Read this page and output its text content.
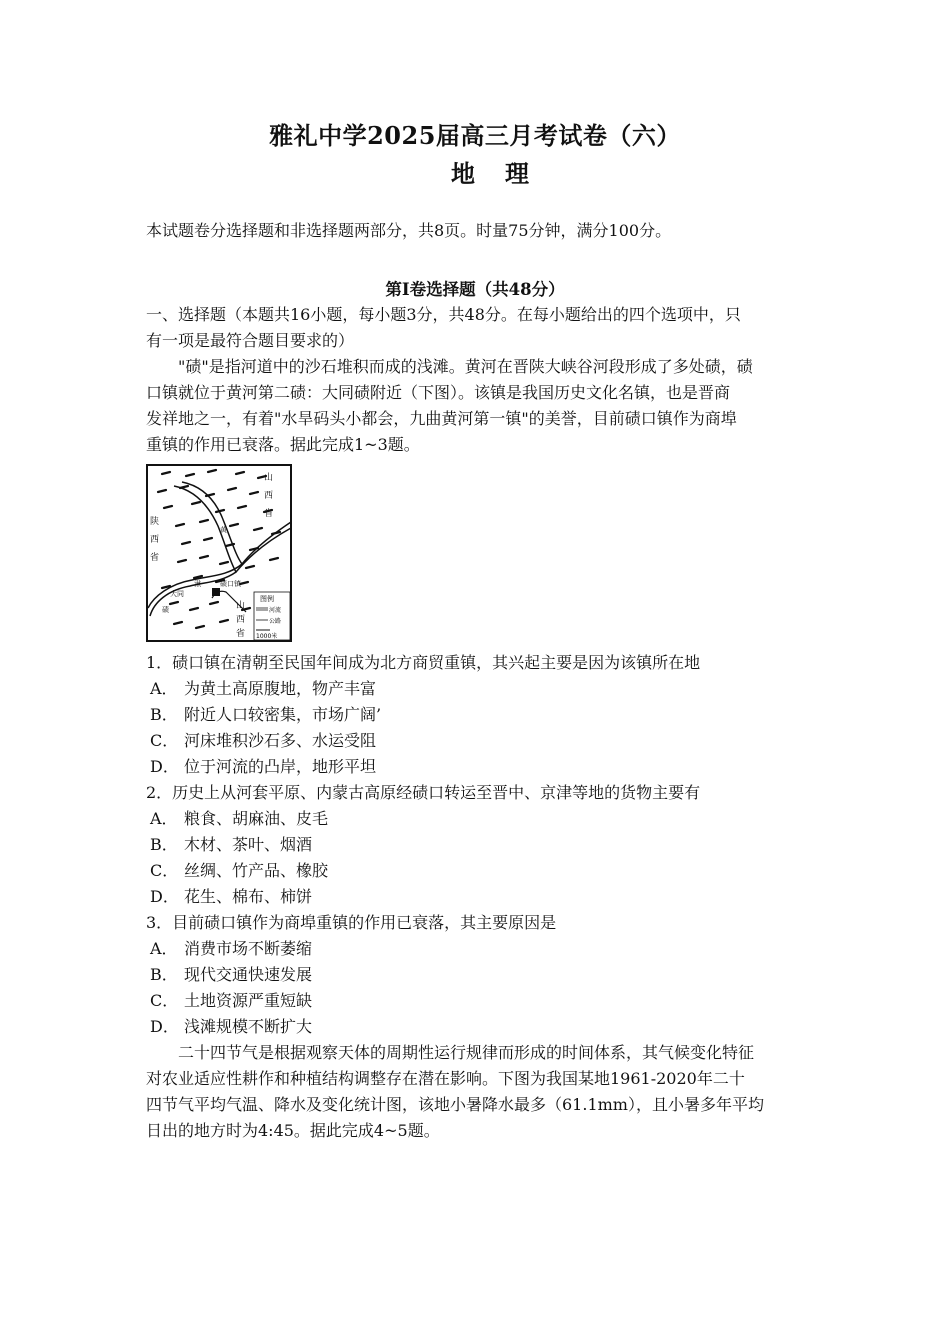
雅礼中学2025届高三月考试卷（六）
地理
本试题卷分选择题和非选择题两部分，共8页。时量75分钟，满分100分。
第I卷选择题（共48分）
一、选择题（本题共16小题，每小题3分，共48分。在每小题给出的四个选项中，只
有一项是最符合题目要求的）
　　"碛"是指河道中的沙石堆积而成的浅滩。黄河在晋陕大峡谷河段形成了多处碛，碛
口镇就位于黄河第二碛：大同碛附近（下图）。该镇是我国历史文化名镇，也是晋商
发祥地之一，有着"水旱码头小都会，九曲黄河第一镇"的美誉，目前碛口镇作为商埠
重镇的作用已衰落。据此完成1~3题。
山
西
省
陕
西
省
山
西
省
黄
湫
大同
碛
碛口镇
图例
河流
公路
1000米
1．碛口镇在清朝至民国年间成为北方商贸重镇，其兴起主要是因为该镇所在地
A． 为黄土高原腹地，物产丰富
B． 附近人口较密集，市场广阔’
C． 河床堆积沙石多、水运受阻
D． 位于河流的凸岸，地形平坦
2．历史上从河套平原、内蒙古高原经碛口转运至晋中、京津等地的货物主要有
A． 粮食、胡麻油、皮毛
B． 木材、茶叶、烟酒
C． 丝绸、竹产品、橡胶
D． 花生、棉布、柿饼
3．目前碛口镇作为商埠重镇的作用已衰落，其主要原因是
A． 消费市场不断萎缩
B． 现代交通快速发展
C． 土地资源严重短缺
D． 浅滩规模不断扩大
　　二十四节气是根据观察天体的周期性运行规律而形成的时间体系，其气候变化特征
对农业适应性耕作和种植结构调整存在潜在影响。下图为我国某地1961-2020年二十
四节气平均气温、降水及变化统计图，该地小暑降水最多（61.1mm），且小暑多年平均
日出的地方时为4:45。据此完成4~5题。
